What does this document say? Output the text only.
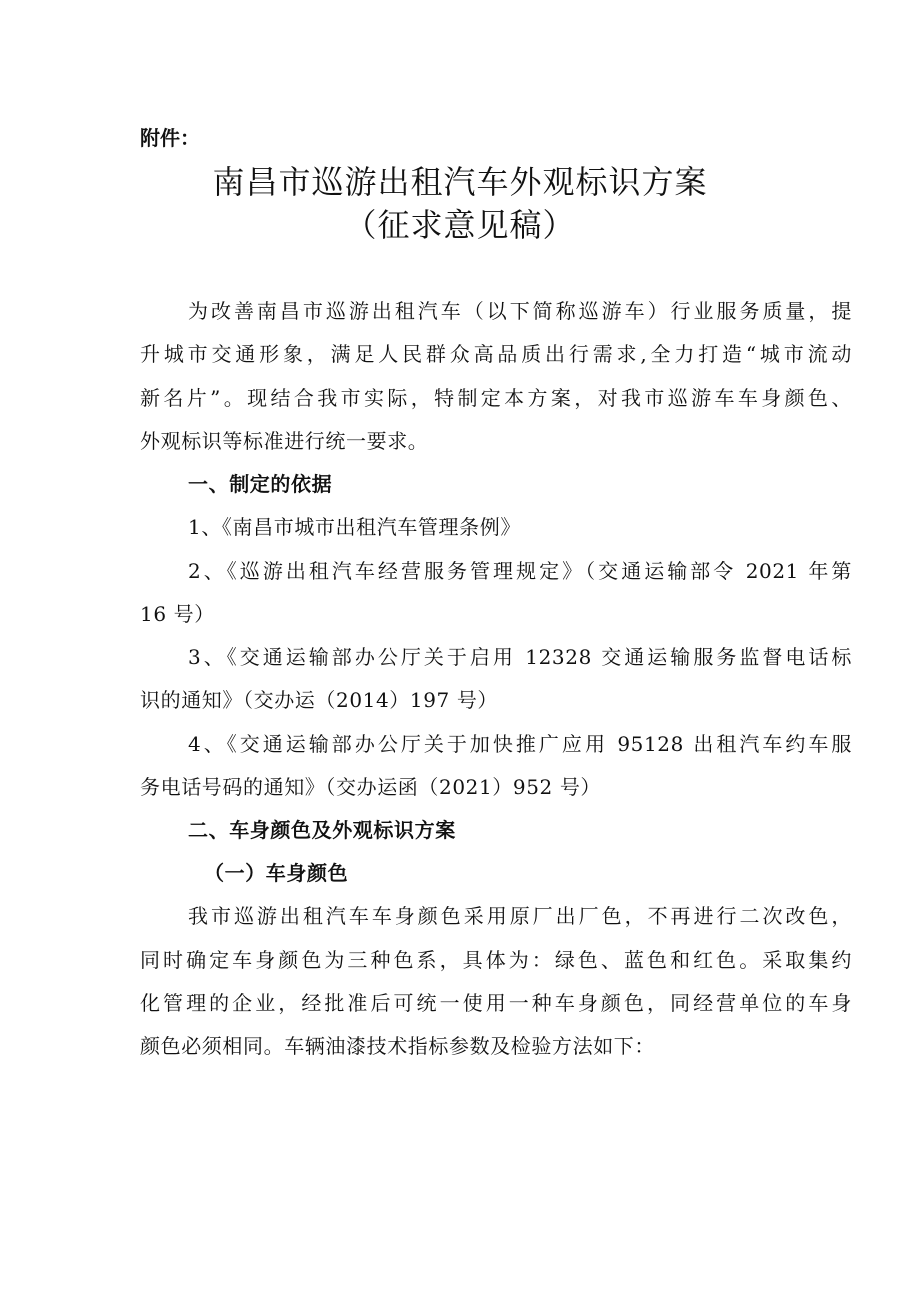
附件：
南昌市巡游出租汽车外观标识方案
（征求意见稿）
为改善南昌市巡游出租汽车（以下简称巡游车）行业服务质量，提
升城市交通形象，满足人民群众高品质出行需求,全力打造“城市流动
新名片”。现结合我市实际，特制定本方案，对我市巡游车车身颜色、
外观标识等标准进行统一要求。
一、制定的依据
1、《南昌市城市出租汽车管理条例》
2、《巡游出租汽车经营服务管理规定》（交通运输部令 2021 年第
16 号）
3、《交通运输部办公厅关于启用 12328 交通运输服务监督电话标
识的通知》（交办运（2014）197 号）
4、《交通运输部办公厅关于加快推广应用 95128 出租汽车约车服
务电话号码的通知》（交办运函（2021）952 号）
二、车身颜色及外观标识方案
（一）车身颜色
我市巡游出租汽车车身颜色采用原厂出厂色，不再进行二次改色，
同时确定车身颜色为三种色系，具体为：绿色、蓝色和红色。采取集约
化管理的企业，经批准后可统一使用一种车身颜色，同经营单位的车身
颜色必须相同。车辆油漆技术指标参数及检验方法如下：
